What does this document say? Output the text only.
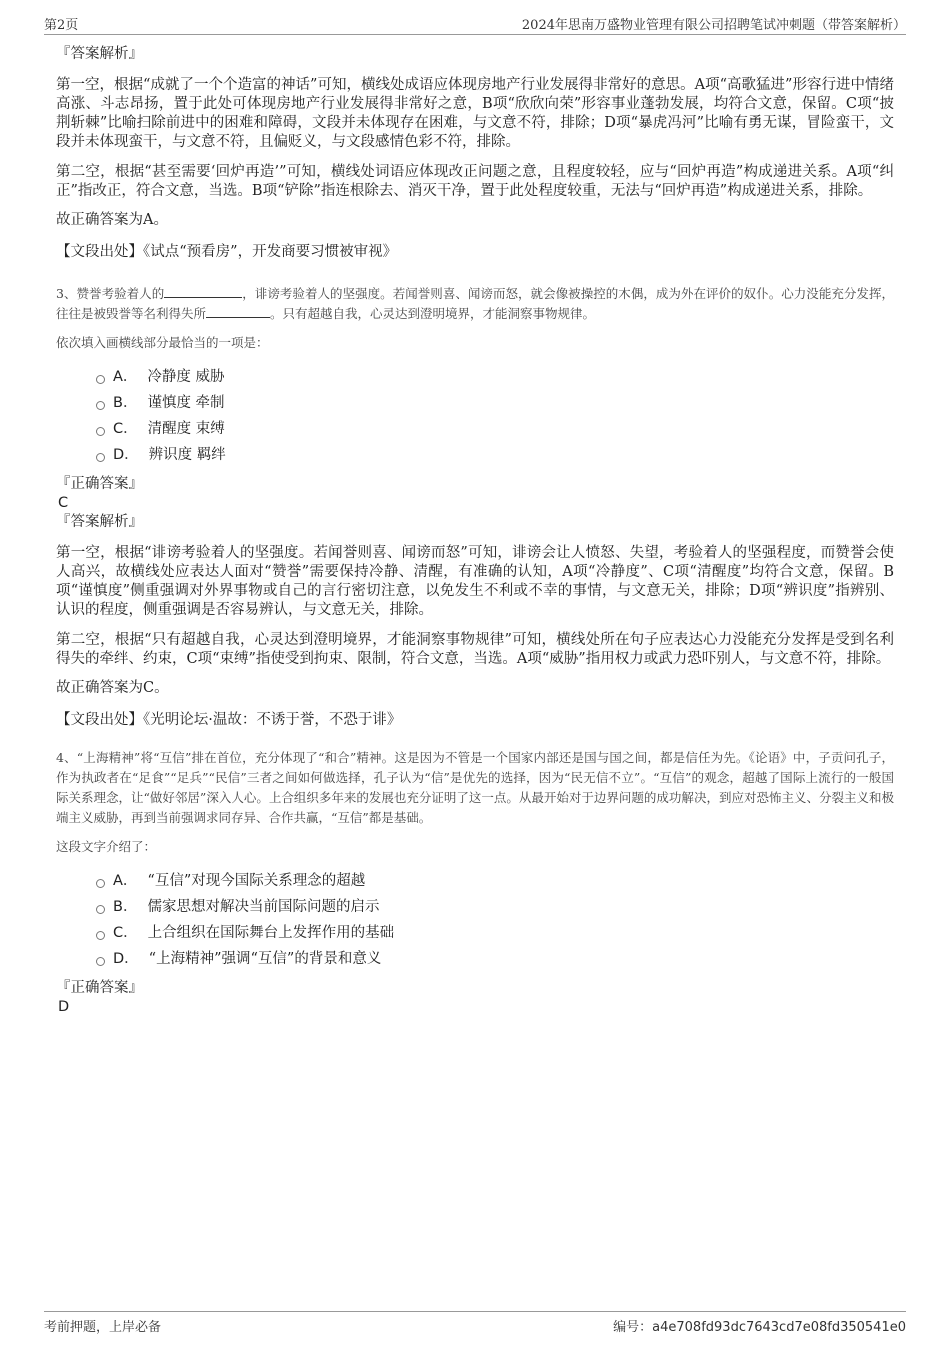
第2页	2024年思南万盛物业管理有限公司招聘笔试冲刺题（带答案解析）

『答案解析』

第一空，根据“成就了一个个造富的神话”可知，横线处成语应体现房地产行业发展得非常好的意思。A项“高歌猛进”形容行进中情绪高涨、斗志昂扬，置于此处可体现房地产行业发展得非常好之意，B项“欣欣向荣”形容事业蓬勃发展，均符合文意，保留。C项“披荆斩棘”比喻扫除前进中的困难和障碍，文段并未体现存在困难，与文意不符，排除；D项“暴虎冯河”比喻有勇无谋，冒险蛮干，文段并未体现蛮干，与文意不符，且偏贬义，与文段感情色彩不符，排除。

第二空，根据“甚至需要‘回炉再造’”可知，横线处词语应体现改正问题之意，且程度较轻，应与“回炉再造”构成递进关系。A项“纠正”指改正，符合文意，当选。B项“铲除”指连根除去、消灭干净，置于此处程度较重，无法与“回炉再造”构成递进关系，排除。

故正确答案为A。

【文段出处】《试点“预看房”，开发商要习惯被审视》

3、赞誉考验着人的	，诽谤考验着人的坚强度。若闻誉则喜、闻谤而怒，就会像被操控的木偶，成为外在评价的奴仆。心力没能充分发挥，往往是被毁誉等名利得失所	。只有超越自我，心灵达到澄明境界，才能洞察事物规律。

依次填入画横线部分最恰当的一项是：

A． 冷静度 威胁
B． 谨慎度 牵制
C． 清醒度 束缚
D． 辨识度 羁绊

『正确答案』

C

『答案解析』

第一空，根据“诽谤考验着人的坚强度。若闻誉则喜、闻谤而怒”可知，诽谤会让人愤怒、失望，考验着人的坚强程度，而赞誉会使人高兴，故横线处应表达人面对“赞誉”需要保持冷静、清醒，有准确的认知，A项“冷静度”、C项“清醒度”均符合文意，保留。B项“谨慎度”侧重强调对外界事物或自己的言行密切注意，以免发生不利或不幸的事情，与文意无关，排除；D项“辨识度”指辨别、认识的程度，侧重强调是否容易辨认，与文意无关，排除。

第二空，根据“只有超越自我，心灵达到澄明境界，才能洞察事物规律”可知，横线处所在句子应表达心力没能充分发挥是受到名利得失的牵绊、约束，C项“束缚”指使受到拘束、限制，符合文意，当选。A项“威胁”指用权力或武力恐吓别人，与文意不符，排除。

故正确答案为C。

【文段出处】《光明论坛·温故：不诱于誉，不恐于诽》

4、“上海精神”将“互信”排在首位，充分体现了“和合”精神。这是因为不管是一个国家内部还是国与国之间，都是信任为先。《论语》中，子贡问孔子，作为执政者在“足食”“足兵”“民信”三者之间如何做选择，孔子认为“信”是优先的选择，因为“民无信不立”。“互信”的观念，超越了国际上流行的一般国际关系理念，让“做好邻居”深入人心。上合组织多年来的发展也充分证明了这一点。从最开始对于边界问题的成功解决，到应对恐怖主义、分裂主义和极端主义威胁，再到当前强调求同存异、合作共赢，“互信”都是基础。

这段文字介绍了：

A． “互信”对现今国际关系理念的超越
B． 儒家思想对解决当前国际问题的启示
C． 上合组织在国际舞台上发挥作用的基础
D． “上海精神”强调“互信”的背景和意义

『正确答案』

D

考前押题，上岸必备	编号：a4e708fd93dc7643cd7e08fd350541e0
